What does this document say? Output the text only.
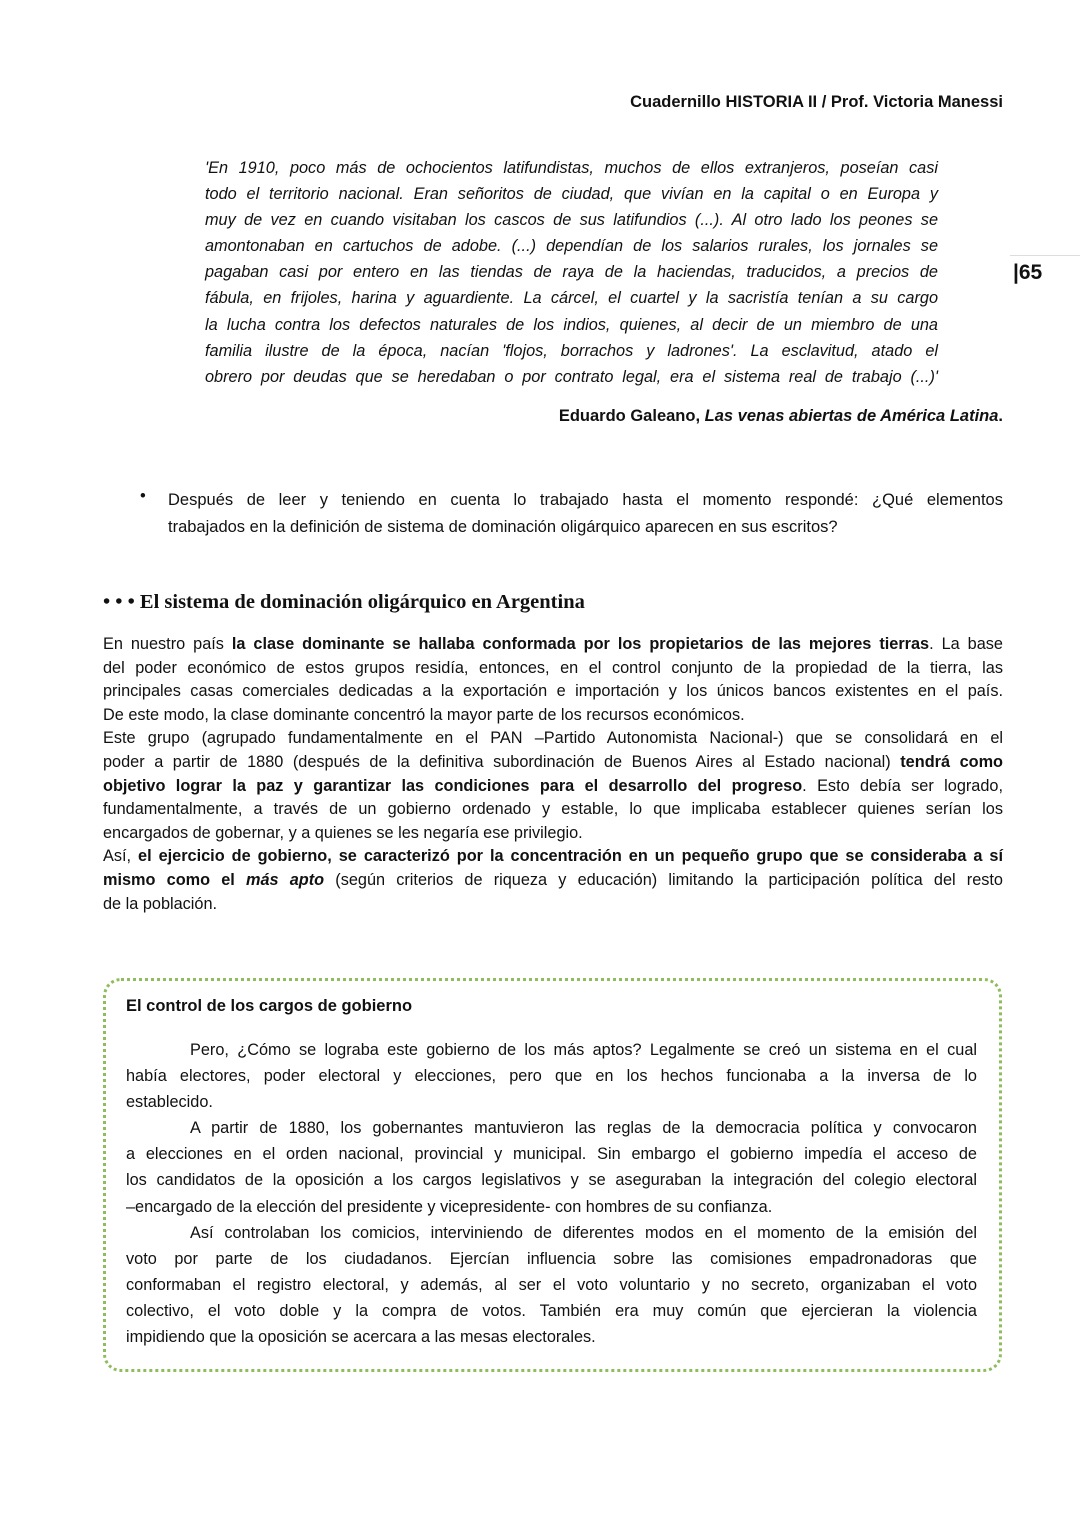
Cuadernillo HISTORIA II / Prof. Victoria Manessi
|65
'En 1910, poco más de ochocientos latifundistas, muchos de ellos extranjeros, poseían casi
todo el territorio nacional. Eran señoritos de ciudad, que vivían en la capital o en Europa y
muy de vez en cuando visitaban los cascos de sus latifundios (...). Al otro lado los peones se
amontonaban en cartuchos de adobe. (...) dependían de los salarios rurales, los jornales se
pagaban casi por entero en las tiendas de raya de la haciendas, traducidos, a precios de
fábula, en frijoles, harina y aguardiente. La cárcel, el cuartel y la sacristía tenían a su cargo
la lucha contra los defectos naturales de los indios, quienes, al decir de un miembro de una
familia ilustre de la época, nacían 'flojos, borrachos y ladrones'. La esclavitud, atado el
obrero por deudas que se heredaban o por contrato legal, era el sistema real de trabajo (...)'
Eduardo Galeano, Las venas abiertas de América Latina.
• Después de leer y teniendo en cuenta lo trabajado hasta el momento respondé: ¿Qué elementos
trabajados en la definición de sistema de dominación oligárquico aparecen en sus escritos?
• • • El sistema de dominación oligárquico en Argentina
En nuestro país la clase dominante se hallaba conformada por los propietarios de las mejores tierras. La base
del poder económico de estos grupos residía, entonces, en el control conjunto de la propiedad de la tierra, las
principales casas comerciales dedicadas a la exportación e importación y los únicos bancos existentes en el país.
De este modo, la clase dominante concentró la mayor parte de los recursos económicos.
Este grupo (agrupado fundamentalmente en el PAN –Partido Autonomista Nacional-) que se consolidará en el
poder a partir de 1880 (después de la definitiva subordinación de Buenos Aires al Estado nacional) tendrá como
objetivo lograr la paz y garantizar las condiciones para el desarrollo del progreso. Esto debía ser logrado,
fundamentalmente, a través de un gobierno ordenado y estable, lo que implicaba establecer quienes serían los
encargados de gobernar, y a quienes se les negaría ese privilegio.
Así, el ejercicio de gobierno, se caracterizó por la concentración en un pequeño grupo que se consideraba a sí
mismo como el más apto (según criterios de riqueza y educación) limitando la participación política del resto
de la población.
El control de los cargos de gobierno
Pero, ¿Cómo se lograba este gobierno de los más aptos? Legalmente se creó un sistema en el cual
había electores, poder electoral y elecciones, pero que en los hechos funcionaba a la inversa de lo
establecido.
A partir de 1880, los gobernantes mantuvieron las reglas de la democracia política y convocaron
a elecciones en el orden nacional, provincial y municipal. Sin embargo el gobierno impedía el acceso de
los candidatos de la oposición a los cargos legislativos y se aseguraban la integración del colegio electoral
–encargado de la elección del presidente y vicepresidente- con hombres de su confianza.
Así controlaban los comicios, interviniendo de diferentes modos en el momento de la emisión del
voto por parte de los ciudadanos. Ejercían influencia sobre las comisiones empadronadoras que
conformaban el registro electoral, y además, al ser el voto voluntario y no secreto, organizaban el voto
colectivo, el voto doble y la compra de votos. También era muy común que ejercieran la violencia
impidiendo que la oposición se acercara a las mesas electorales.
